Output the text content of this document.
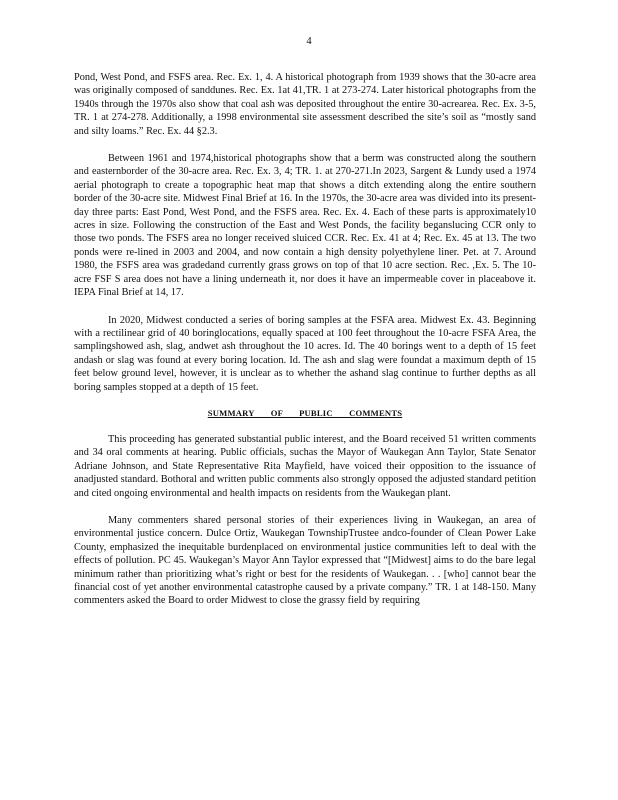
4

Pond, West Pond, and FSFS area. Rec. Ex. 1, 4. A historical photograph from 1939 shows that the 30-acre area was originally composed of sanddunes. Rec. Ex. 1at 41,TR. 1 at 273-274. Later historical photographs from the 1940s through the 1970s also show that coal ash was deposited throughout the entire 30-acrearea. Rec. Ex. 3-5, TR. 1 at 274-278. Additionally, a 1998 environmental site assessment described the site’s soil as “mostly sand and silty loams.” Rec. Ex. 44 §2.3.

Between 1961 and 1974,historical photographs show that a berm was constructed along the southern and easternborder of the 30-acre area. Rec. Ex. 3, 4; TR. 1. at 270-271.In 2023, Sargent & Lundy used a 1974 aerial photograph to create a topographic heat map that shows a ditch extending along the entire southern border of the 30-acre site. Midwest Final Brief at 16. In the 1970s, the 30-acre area was divided into its present-day three parts: East Pond, West Pond, and the FSFS area. Rec. Ex. 4. Each of these parts is approximately10 acres in size. Following the construction of the East and West Ponds, the facility beganslucing CCR only to those two ponds. The FSFS area no longer received sluiced CCR. Rec. Ex. 41 at 4; Rec. Ex. 45 at 13. The two ponds were re-lined in 2003 and 2004, and now contain a high density polyethylene liner. Pet. at 7. Around 1980, the FSFS area was gradedand currently grass grows on top of that 10 acre section. Rec. ,Ex. 5. The 10-acre FSF S area does not have a lining underneath it, nor does it have an impermeable cover in placeabove it. IEPA Final Brief at 14, 17.

In 2020, Midwest conducted a series of boring samples at the FSFA area. Midwest Ex. 43. Beginning with a rectilinear grid of 40 boringlocations, equally spaced at 100 feet throughout the 10-acre FSFA Area, the samplingshowed ash, slag, andwet ash throughout the 10 acres. Id. The 40 borings went to a depth of 15 feet andash or slag was found at every boring location. Id. The ash and slag were foundat a maximum depth of 15 feet below ground level, however, it is unclear as to whether the ashand slag continue to further depths as all boring samples stopped at a depth of 15 feet.

SUMMARY OF PUBLIC COMMENTS

This proceeding has generated substantial public interest, and the Board received 51 written comments and 34 oral comments at hearing. Public officials, suchas the Mayor of Waukegan Ann Taylor, State Senator Adriane Johnson, and State Representative Rita Mayfield, have voiced their opposition to the issuance of anadjusted standard. Bothoral and written public comments also strongly opposed the adjusted standard petition and cited ongoing environmental and health impacts on residents from the Waukegan plant.

Many commenters shared personal stories of their experiences living in Waukegan, an area of environmental justice concern. Dulce Ortiz, Waukegan TownshipTrustee andco-founder of Clean Power Lake County, emphasized the inequitable burdenplaced on environmental justice communities left to deal with the effects of pollution. PC 45. Waukegan’s Mayor Ann Taylor expressed that “[Midwest] aims to do the bare legal minimum rather than prioritizing what’s right or best for the residents of Waukegan. . . [who] cannot bear the financial cost of yet another environmental catastrophe caused by a private company.” TR. 1 at 148-150. Many commenters asked the Board to order Midwest to close the grassy field by requiring
